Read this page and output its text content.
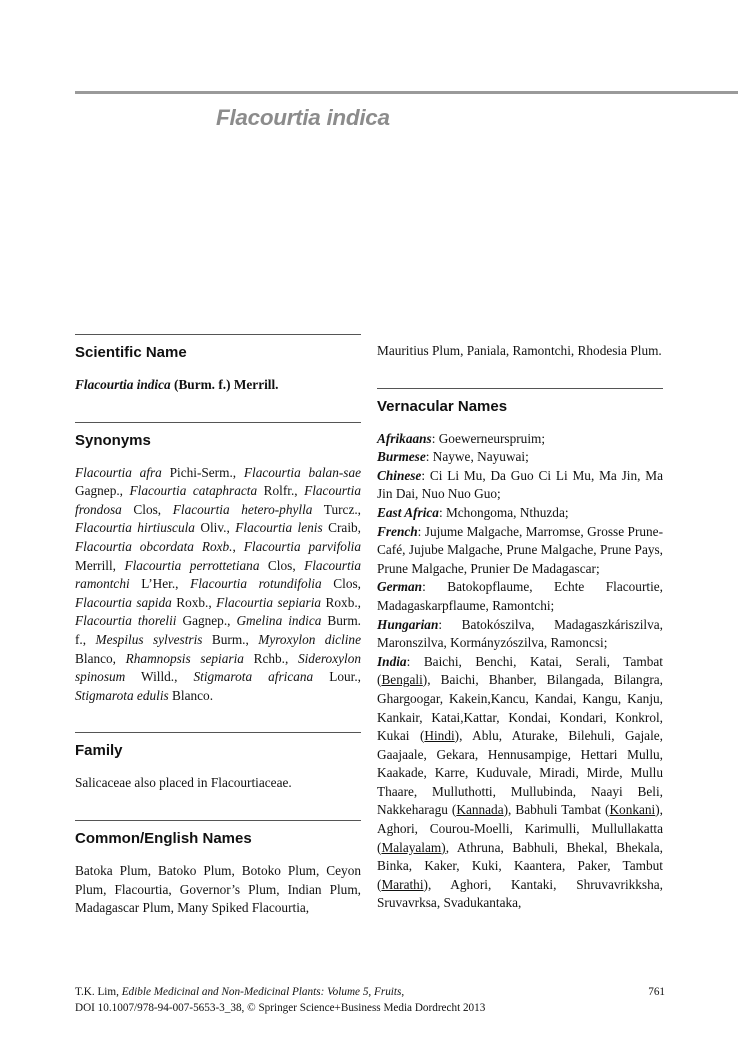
Flacourtia indica
Scientific Name

Flacourtia indica (Burm. f.) Merrill.

Synonyms

Flacourtia afra Pichi-Serm., Flacourtia balan-sae Gagnep., Flacourtia cataphracta Rolfr., Flacourtia frondosa Clos, Flacourtia hetero-phylla Turcz., Flacourtia hirtiuscula Oliv., Flacourtia lenis Craib, Flacourtia obcordata Roxb., Flacourtia parvifolia Merrill, Flacourtia perrottetiana Clos, Flacourtia ramontchi L’Her., Flacourtia rotundifolia Clos, Flacourtia sapida Roxb., Flacourtia sepiaria Roxb., Flacourtia thorelii Gagnep., Gmelina indica Burm. f., Mespilus sylvestris Burm., Myroxylon dicline Blanco, Rhamnopsis sepiaria Rchb., Sideroxylon spinosum Willd., Stigmarota africana Lour., Stigmarota edulis Blanco.

Family

Salicaceae also placed in Flacourtiaceae.

Common/English Names

Batoka Plum, Batoko Plum, Botoko Plum, Ceyon Plum, Flacourtia, Governor’s Plum, Indian Plum, Madagascar Plum, Many Spiked Flacourtia,

Mauritius Plum, Paniala, Ramontchi, Rhodesia Plum.

Vernacular Names

Afrikaans: Goewerneurspruim;

Burmese: Naywe, Nayuwai;

Chinese: Ci Li Mu, Da Guo Ci Li Mu, Ma Jin, Ma Jin Dai, Nuo Nuo Guo;

East Africa: Mchongoma, Nthuzda;

French: Jujume Malgache, Marromse, Grosse Prune-Café, Jujube Malgache, Prune Malgache, Prune Pays, Prune Malgache, Prunier De Madagascar;

German: Batokopflaume, Echte Flacourtie, Madagaskarpflaume, Ramontchi;

Hungarian: Batokószilva, Madagaszkáriszilva, Maronszilva, Kormányzószilva, Ramoncsi;

India: Baichi, Benchi, Katai, Serali, Tambat (Bengali), Baichi, Bhanber, Bilangada, Bilangra, Ghargoogar, Kakein,Kancu, Kandai, Kangu, Kanju, Kankair, Katai,Kattar, Kondai, Kondari, Konkrol, Kukai (Hindi), Ablu, Aturake, Bilehuli, Gajale, Gaajaale, Gekara, Hennusampige, Hettari Mullu, Kaakade, Karre, Kuduvale, Miradi, Mirde, Mullu Thaare, Mulluthotti, Mullubinda, Naayi Beli, Nakkeharagu (Kannada), Babhuli Tambat (Konkani), Aghori, Courou-Moelli, Karimulli, Mullullakatta (Malayalam), Athruna, Babhuli, Bhekal, Bhekala, Binka, Kaker, Kuki, Kaantera, Paker, Tambut (Marathi), Aghori, Kantaki, Shruvavrikksha, Sruvavrksa, Svadukantaka,

T.K. Lim, Edible Medicinal and Non-Medicinal Plants: Volume 5, Fruits,
DOI 10.1007/978-94-007-5653-3_38, © Springer Science+Business Media Dordrecht 2013
761
